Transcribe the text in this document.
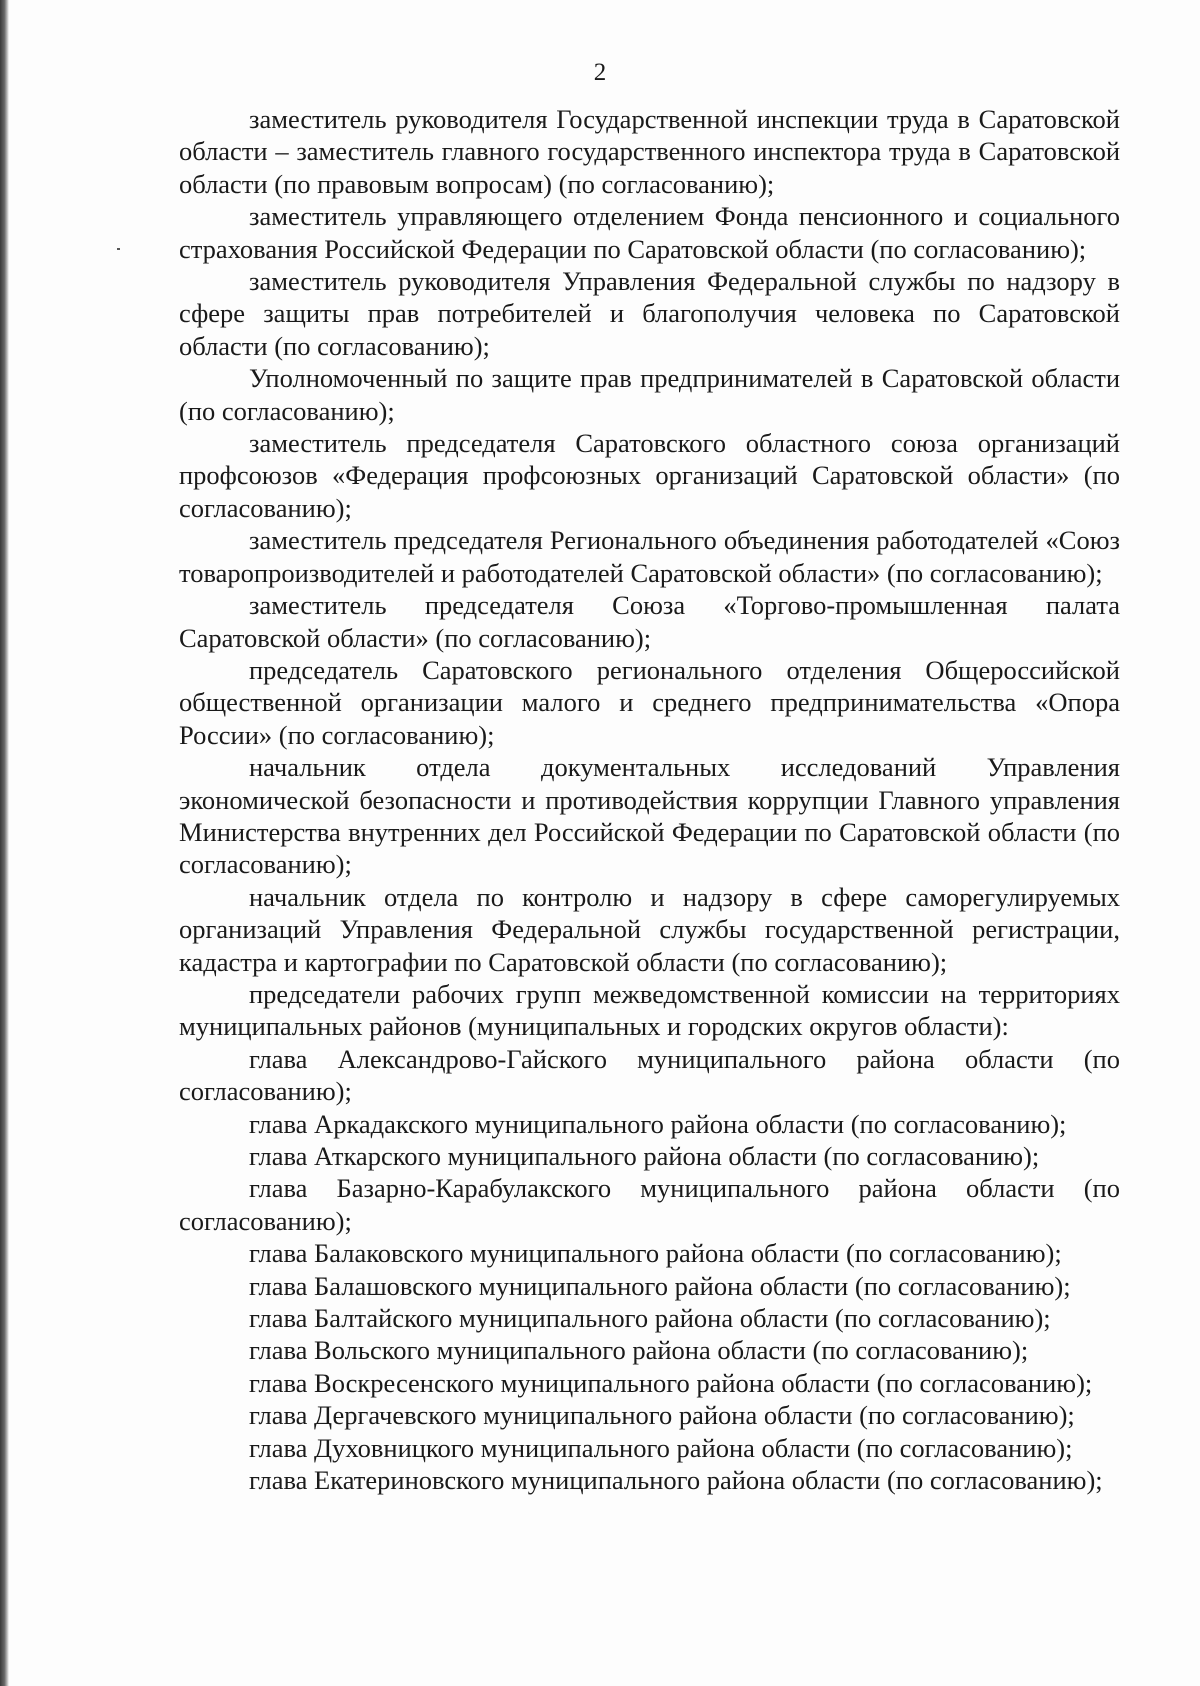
2

заместитель руководителя Государственной инспекции труда в Саратовской области – заместитель главного государственного инспектора труда в Саратовской области (по правовым вопросам) (по согласованию);

заместитель управляющего отделением Фонда пенсионного и социального страхования Российской Федерации по Саратовской области (по согласованию);

заместитель руководителя Управления Федеральной службы по надзору в сфере защиты прав потребителей и благополучия человека по Саратовской области (по согласованию);

Уполномоченный по защите прав предпринимателей в Саратовской области (по согласованию);

заместитель председателя Саратовского областного союза организаций профсоюзов «Федерация профсоюзных организаций Саратовской области» (по согласованию);

заместитель председателя Регионального объединения работодателей «Союз товаропроизводителей и работодателей Саратовской области» (по согласованию);

заместитель председателя Союза «Торгово-промышленная палата Саратовской области» (по согласованию);

председатель Саратовского регионального отделения Общероссийской общественной организации малого и среднего предпринимательства «Опора России» (по согласованию);

начальник отдела документальных исследований Управления экономической безопасности и противодействия коррупции Главного управления Министерства внутренних дел Российской Федерации по Саратовской области (по согласованию);

начальник отдела по контролю и надзору в сфере саморегулируемых организаций Управления Федеральной службы государственной регистрации, кадастра и картографии по Саратовской области (по согласованию);

председатели рабочих групп межведомственной комиссии на территориях муниципальных районов (муниципальных и городских округов области):

глава Александрово-Гайского муниципального района области (по согласованию);

глава Аркадакского муниципального района области (по согласованию);

глава Аткарского муниципального района области (по согласованию);

глава Базарно-Карабулакского муниципального района области (по согласованию);

глава Балаковского муниципального района области (по согласованию);

глава Балашовского муниципального района области (по согласованию);

глава Балтайского муниципального района области (по согласованию);

глава Вольского муниципального района области (по согласованию);

глава Воскресенского муниципального района области (по согласованию);

глава Дергачевского муниципального района области (по согласованию);

глава Духовницкого муниципального района области (по согласованию);

глава Екатериновского муниципального района области (по согласованию);
